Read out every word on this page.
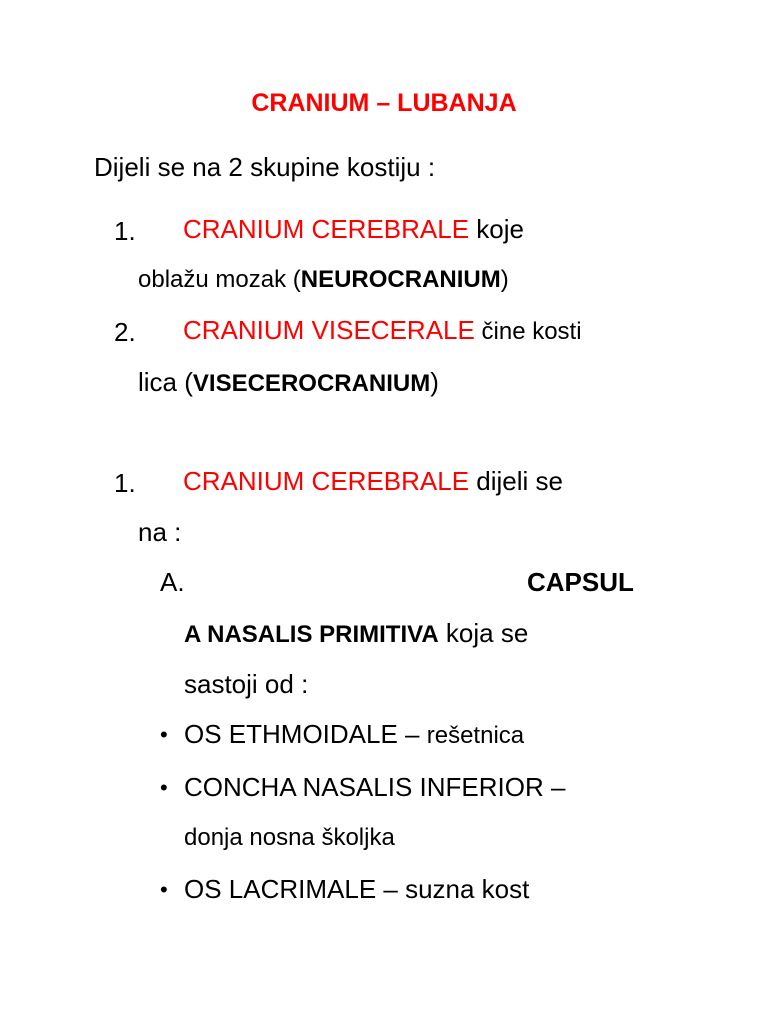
CRANIUM – LUBANJA
Dijeli se na 2 skupine kostiju :
1. CRANIUM CEREBRALE koje
oblažu mozak (NEUROCRANIUM)
2. CRANIUM VISECERALE čine kosti
lica (VISECEROCRANIUM)
1. CRANIUM CEREBRALE dijeli se
na :
A.	CAPSUL
A NASALIS PRIMITIVA koja se
sastoji od :
• OS ETHMOIDALE – rešetnica
• CONCHA NASALIS INFERIOR –
donja nosna školjka
• OS LACRIMALE – suzna kost
